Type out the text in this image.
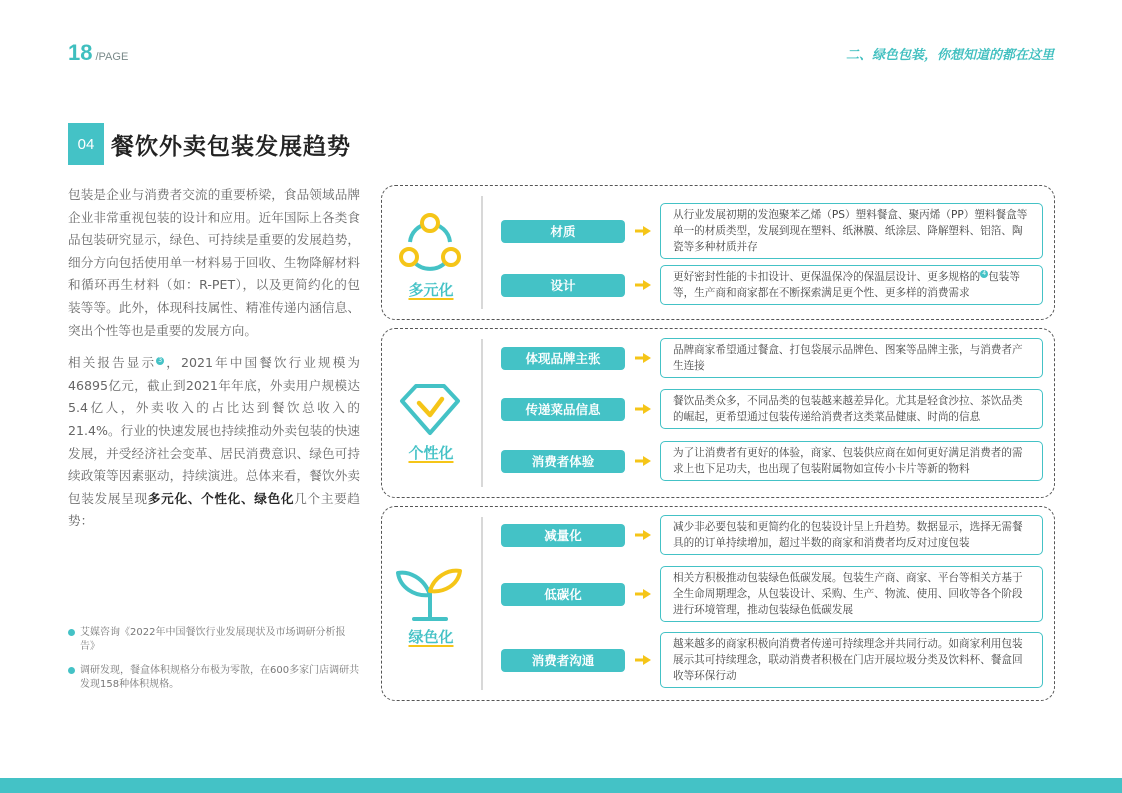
18 /PAGE	二、绿色包装，你想知道的都在这里
04 餐饮外卖包装发展趋势

包装是企业与消费者交流的重要桥梁，食品领域品牌企业非常重视包装的设计和应用。近年国际上各类食品包装研究显示，绿色、可持续是重要的发展趋势，细分方向包括使用单一材料易于回收、生物降解材料和循环再生材料（如：R-PET），以及更简约化的包装等等。此外，体现科技属性、精准传递内涵信息、突出个性等也是重要的发展方向。

相关报告显示 3 ，2021年中国餐饮行业规模为46895亿元，截止到2021年年底，外卖用户规模达5.4亿人，外卖收入的占比达到餐饮总收入的21.4%。行业的快速发展也持续推动外卖包装的快速发展，并受经济社会变革、居民消费意识、绿色可持续政策等因素驱动，持续演进。总体来看，餐饮外卖包装发展呈现多元化、个性化、绿色化几个主要趋势：

艾媒咨询《2022年中国餐饮行业发展现状及市场调研分析报告》
调研发现，餐盒体积规格分布极为零散，在600多家门店调研共发现158种体积规格。
多元化
材质
从行业发展初期的发泡聚苯乙烯（PS）塑料餐盒、聚丙烯（PP）塑料餐盒等单一的材质类型，发展到现在塑料、纸淋膜、纸涂层、降解塑料、铝箔、陶瓷等多种材质并存
设计
更好密封性能的卡扣设计、更保温保冷的保温层设计、更多规格的 4 包装等等，生产商和商家都在不断探索满足更个性、更多样的消费需求
个性化
体现品牌主张
品牌商家希望通过餐盒、打包袋展示品牌色、图案等品牌主张，与消费者产生连接
传递菜品信息
餐饮品类众多，不同品类的包装越来越差异化。尤其是轻食沙拉、茶饮品类的崛起，更希望通过包装传递给消费者这类菜品健康、时尚的信息
消费者体验
为了让消费者有更好的体验，商家、包装供应商在如何更好满足消费者的需求上也下足功夫，也出现了包装附属物如宣传小卡片等新的物料
绿色化
减量化
减少非必要包装和更简约化的包装设计呈上升趋势。数据显示，选择无需餐具的的订单持续增加，超过半数的商家和消费者均反对过度包装
低碳化
相关方积极推动包装绿色低碳发展。包装生产商、商家、平台等相关方基于全生命周期理念，从包装设计、采购、生产、物流、使用、回收等各个阶段进行环境管理，推动包装绿色低碳发展
消费者沟通
越来越多的商家积极向消费者传递可持续理念并共同行动。如商家利用包装展示其可持续理念，联动消费者积极在门店开展垃圾分类及饮料杯、餐盒回收等环保行动
